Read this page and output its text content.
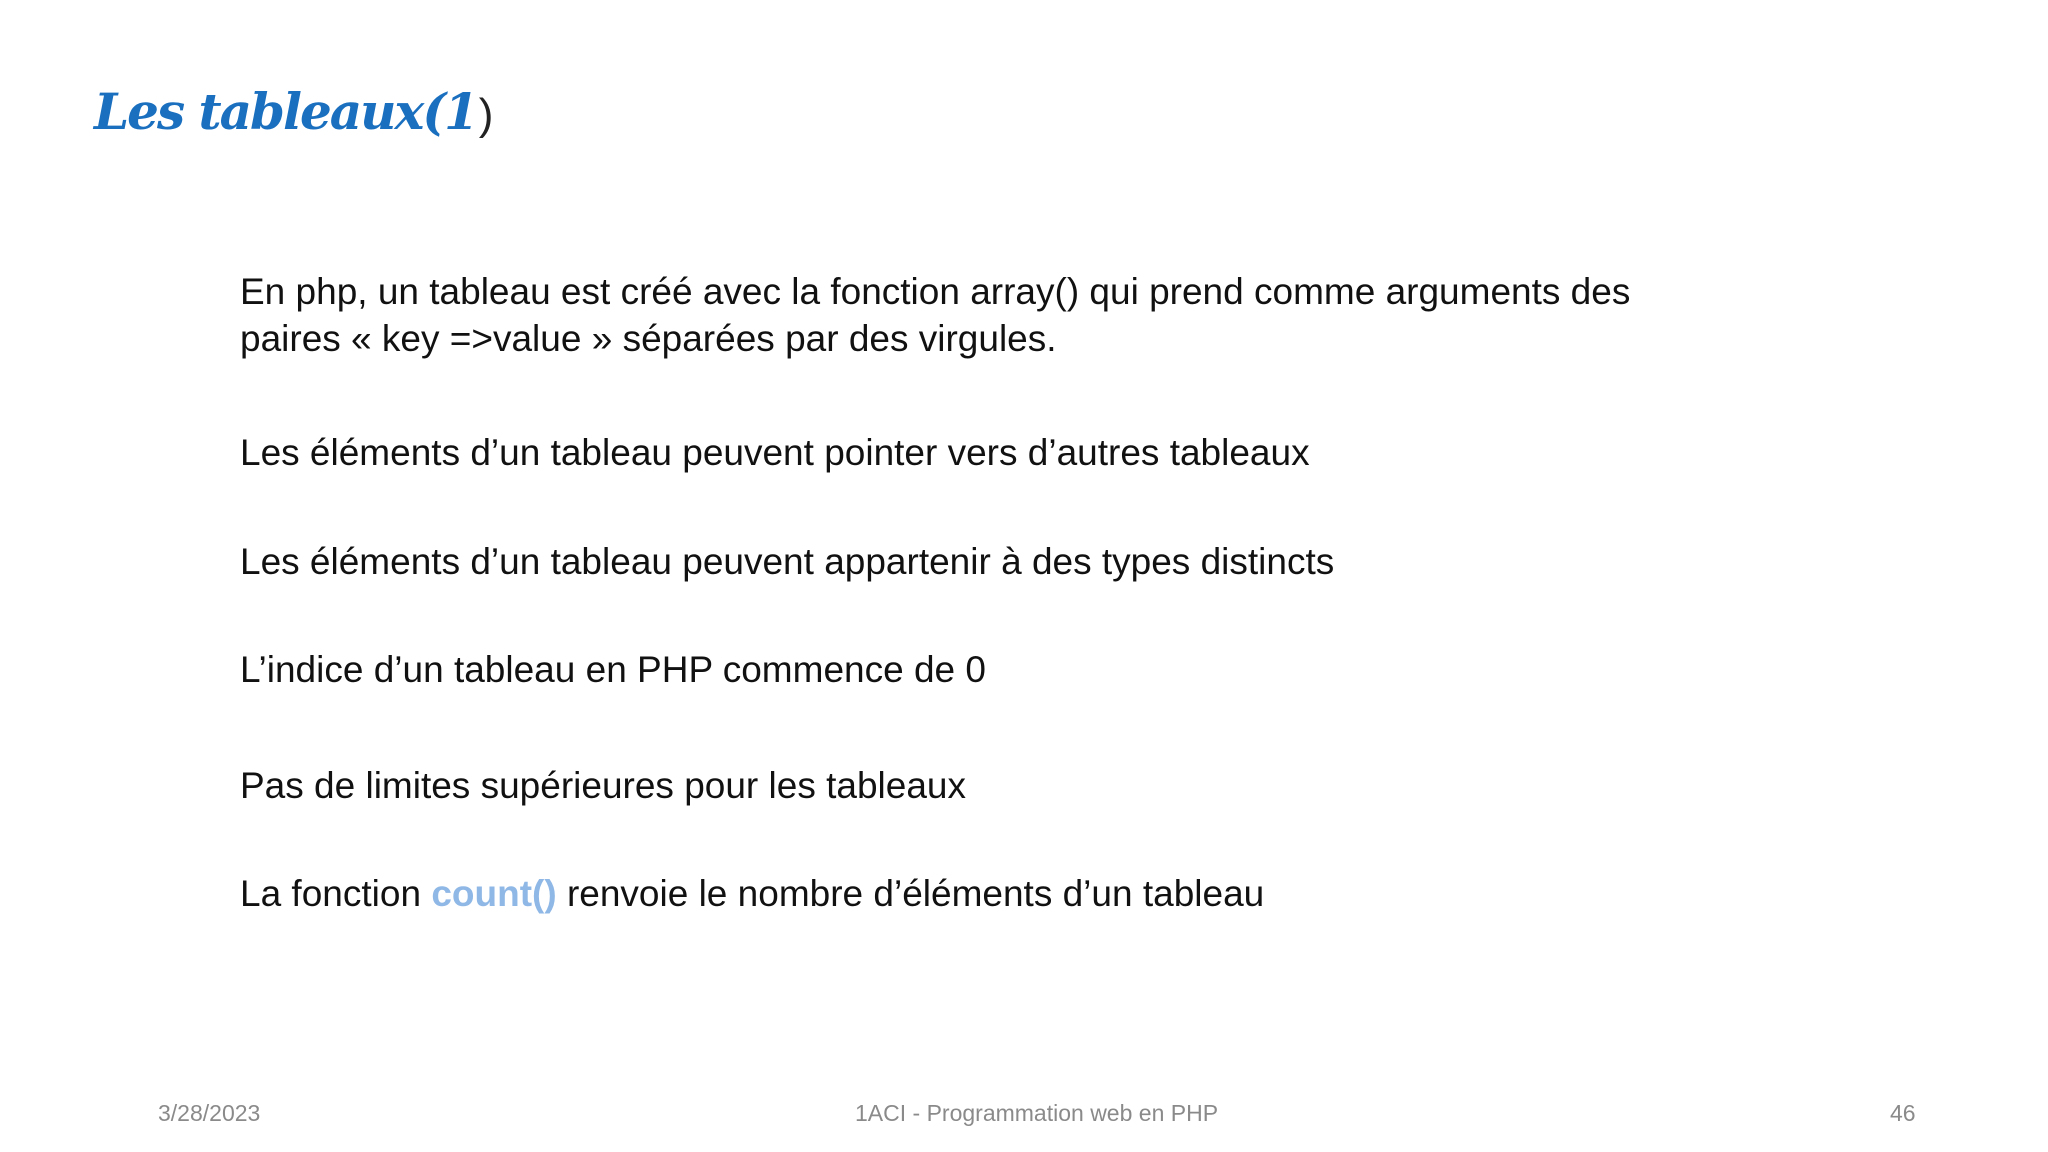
Les tableaux(1)
En php, un tableau est créé avec la fonction array() qui prend comme arguments des
paires « key =>value » séparées par des virgules.
Les éléments d’un tableau peuvent pointer vers d’autres tableaux
Les éléments d’un tableau peuvent appartenir à des types distincts
L’indice d’un tableau en PHP commence de 0
Pas de limites supérieures pour les tableaux
La fonction count() renvoie le nombre d’éléments d’un tableau
3/28/2023	1ACI - Programmation web en PHP	46
